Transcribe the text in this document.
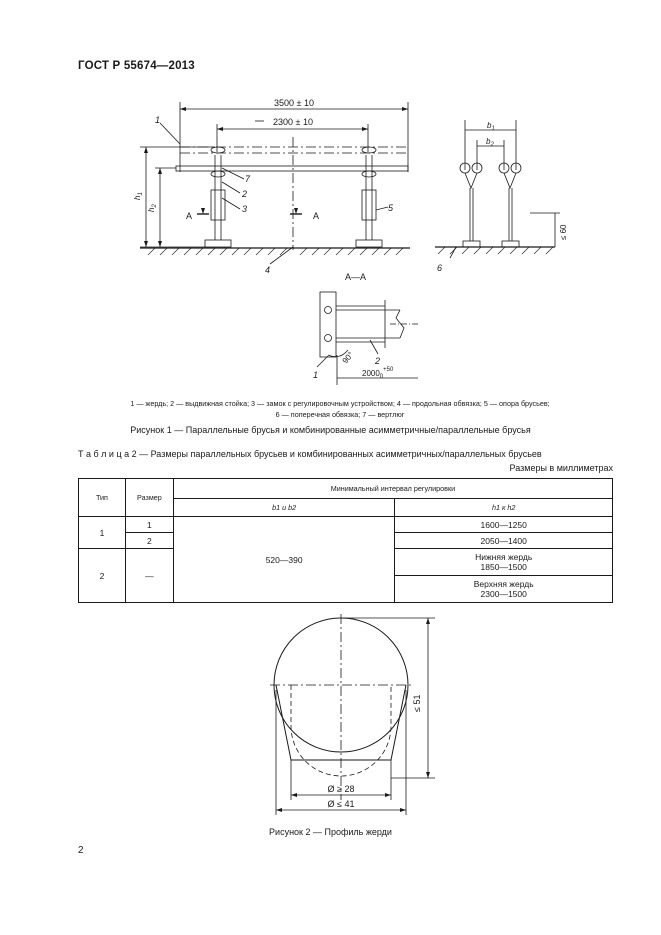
ГОСТ Р 55674—2013
3500 ± 10
2300 ± 10
1
7
2
3	5
4
A	A
$h_1$
$h_2$
$b_1$
$b_2$
≤ 60
6
А—А
90° 2
1	$2000_0^{+50}$
1 — жердь; 2 — выдвижная стойка; 3 — замок с регулировочным устройством; 4 — продольная обвязка; 5 — опора брусьев;
6 — поперечная обвязка; 7 — вертлюг
Рисунок 1 — Параллельные брусья и комбинированные асимметричные/параллельные брусья
Т а б л и ц а 2 — Размеры параллельных брусьев и комбинированных асимметричных/параллельных брусьев
Размеры в миллиметрах
Тип	Размер	Минимальный интервал регулировки	
		b1 и b2	h1 к h2
1	1	520—390	1600—1250
	2		2050—1400
2	—		Нижняя жердь
1850—1500

			Верхняя жердь
2300—1500
≤ 51
Ø ≥ 28
Ø ≤ 41
Рисунок 2 — Профиль жерди
2
